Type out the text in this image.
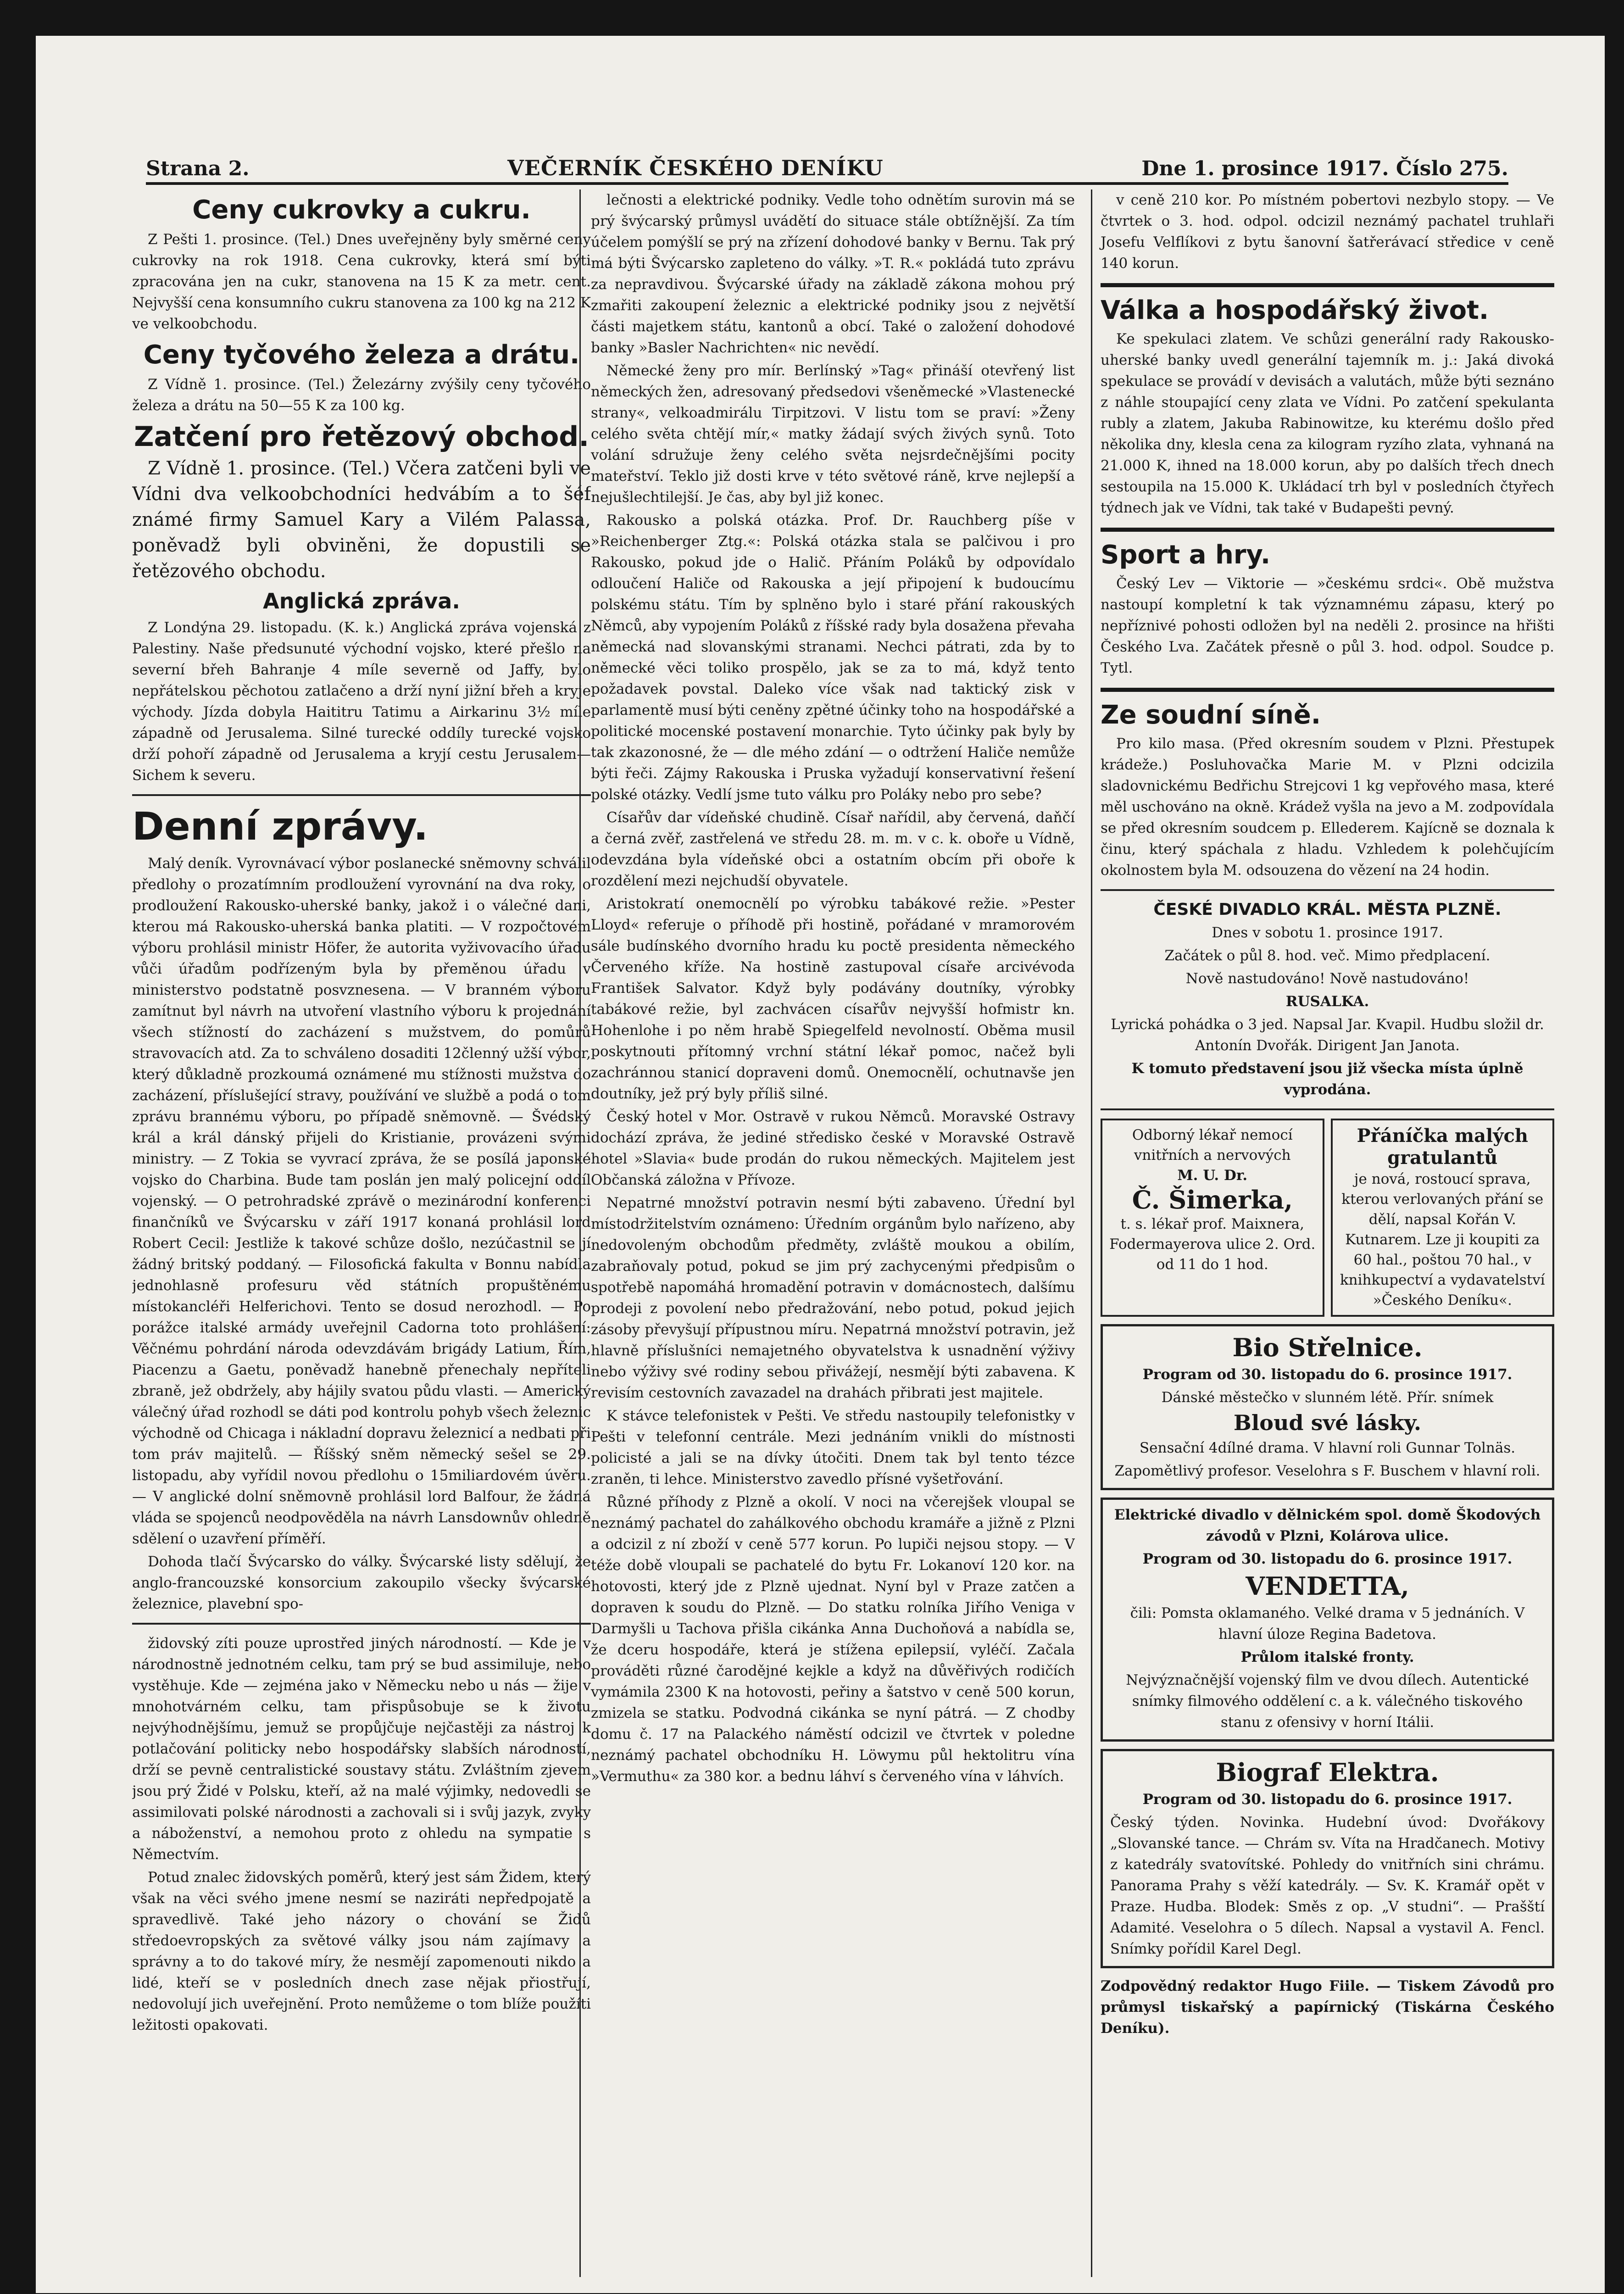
Strana 2.	VEČERNÍK ČESKÉHO DENÍKU	Dne 1. prosince 1917. Číslo 275.
Ceny cukrovky a cukru.

Z Pešti 1. prosince. (Tel.) Dnes uveřejněny byly směrné ceny cukrovky na rok 1918. Cena cukrovky, která smí býti zpracována jen na cukr, stanovena na 15 K za metr. cent. Nejvyšší cena konsumního cukru stanovena za 100 kg na 212 K ve velkoobchodu.

Ceny tyčového železa a drátu.

Z Vídně 1. prosince. (Tel.) Železárny zvýšily ceny tyčového železa a drátu na 50—55 K za 100 kg.

Zatčení pro řetězový obchod.

Z Vídně 1. prosince. (Tel.) Včera zatčeni byli ve Vídni dva velkoobchodníci hedvábím a to šéf známé firmy Samuel Kary a Vilém Palassa, poněvadž byli obviněni, že dopustili se řetězového obchodu.

Anglická zpráva.

Z Londýna 29. listopadu. (K. k.) Anglická zpráva vojenská z Palestiny. Naše předsunuté východní vojsko, které přešlo na severní břeh Bahranje 4 míle severně od Jaffy, bylo nepřátelskou pěchotou zatlačeno a drží nyní jižní břeh a kryje východy. Jízda dobyla Haititru Tatimu a Airkarinu 3½ míle západně od Jerusalema. Silné turecké oddíly turecké vojsko drží pohoří západně od Jerusalema a kryjí cestu Jerusalem—Sichem k severu.

Denní zprávy.

Malý deník. Vyrovnávací výbor poslanecké sněmovny schválil předlohy o prozatímním prodloužení vyrovnání na dva roky, o prodloužení Rakousko-uherské banky, jakož i o válečné dani, kterou má Rakousko-uherská banka platiti. — V rozpočtovém výboru prohlásil ministr Höfer, že autorita vyživovacího úřadu vůči úřadům podřízeným byla by přeměnou úřadu v ministerstvo podstatně posvznesena. — V branném výboru zamítnut byl návrh na utvoření vlastního výboru k projednání všech stížností do zacházení s mužstvem, do pomůrů stravovacích atd. Za to schváleno dosaditi 12členný užší výbor, který důkladně prozkoumá oznámené mu stížnosti mužstva do zacházení, příslušející stravy, používání ve službě a podá o tom zprávu brannému výboru, po případě sněmovně. — Švédský král a král dánský přijeli do Kristianie, provázeni svými ministry. — Z Tokia se vyvrací zpráva, že se posílá japonské vojsko do Charbina. Bude tam poslán jen malý policejní oddíl vojenský. — O petrohradské zprávě o mezinárodní konferenci finančníků ve Švýcarsku v září 1917 konaná prohlásil lord Robert Cecil: Jestliže k takové schůze došlo, nezúčastnil se jí žádný britský poddaný. — Filosofická fakulta v Bonnu nabídla jednohlasně profesuru věd státních propuštěnému místokancléři Helferichovi. Tento se dosud nerozhodl. — Po porážce italské armády uveřejnil Cadorna toto prohlášení: Věčnému pohrdání národa odevzdávám brigády Latium, Řím, Piacenzu a Gaetu, poněvadž hanebně přenechaly nepříteli zbraně, jež obdržely, aby hájily svatou půdu vlasti. — Americký válečný úřad rozhodl se dáti pod kontrolu pohyb všech železnic východně od Chicaga i nákladní dopravu železnicí a nedbati při tom práv majitelů. — Říšský sněm německý sešel se 29. listopadu, aby vyřídil novou předlohu o 15miliardovém úvěru. — V anglické dolní sněmovně prohlásil lord Balfour, že žádná vláda se spojenců neodpověděla na návrh Lansdownův ohledně sdělení o uzavření příměří.

Dohoda tlačí Švýcarsko do války. Švýcarské listy sdělují, že anglo-francouzské konsorcium zakoupilo všecky švýcarské železnice, plavební spo-

židovský zíti pouze uprostřed jiných národností. — Kde je v národnostně jednotném celku, tam prý se bud assimiluje, nebo vystěhuje. Kde — zejména jako v Německu nebo u nás — žije v mnohotvárném celku, tam přispůsobuje se k životu nejvýhodnějšímu, jemuž se propůjčuje nejčastěji za nástroj k potlačování politicky nebo hospodářsky slabších národností, drží se pevně centralistické soustavy státu. Zvláštním zjevem jsou prý Židé v Polsku, kteří, až na malé výjimky, nedovedli se assimilovati polské národnosti a zachovali si i svůj jazyk, zvyky a náboženství, a nemohou proto z ohledu na sympatie s Němectvím.

Potud znalec židovských poměrů, který jest sám Židem, který však na věci svého jmene nesmí se naziráti nepředpojatě a spravedlivě. Také jeho názory o chování se Židů středoevropských za světové války jsou nám zajímavy a správny a to do takové míry, že nesmějí zapomenouti nikdo a lidé, kteří se v posledních dnech zase nějak přiostřují, nedovolují jich uveřejnění. Proto nemůžeme o tom blíže použíti ležitosti opakovati.

lečnosti a elektrické podniky. Vedle toho odnětím surovin má se prý švýcarský průmysl uvádětí do situace stále obtížnější. Za tím účelem pomýšlí se prý na zřízení dohodové banky v Bernu. Tak prý má býti Švýcarsko zapleteno do války. »T. R.« pokládá tuto zprávu za nepravdivou. Švýcarské úřady na základě zákona mohou prý zmařiti zakoupení železnic a elektrické podniky jsou z největší části majetkem státu, kantonů a obcí. Také o založení dohodové banky »Basler Nachrichten« nic nevědí.

Německé ženy pro mír. Berlínský »Tag« přináší otevřený list německých žen, adresovaný předsedovi všeněmecké »Vlastenecké strany«, velkoadmirálu Tirpitzovi. V listu tom se praví: »Ženy celého světa chtějí mír,« matky žádají svých živých synů. Toto volání sdružuje ženy celého světa nejsrdečnějšími pocity mateřství. Teklo již dosti krve v této světové ráně, krve nejlepší a nejušlechtilejší. Je čas, aby byl již konec.

Rakousko a polská otázka. Prof. Dr. Rauchberg píše v »Reichenberger Ztg.«: Polská otázka stala se palčivou i pro Rakousko, pokud jde o Halič. Přáním Poláků by odpovídalo odloučení Haliče od Rakouska a její připojení k budoucímu polskému státu. Tím by splněno bylo i staré přání rakouských Němců, aby vypojením Poláků z říšské rady byla dosažena převaha německá nad slovanskými stranami. Nechci pátrati, zda by to německé věci toliko prospělo, jak se za to má, když tento požadavek povstal. Daleko více však nad taktický zisk v parlamentě musí býti ceněny zpětné účinky toho na hospodářské a politické mocenské postavení monarchie. Tyto účinky pak byly by tak zkazonosné, že — dle mého zdání — o odtržení Haliče nemůže býti řeči. Zájmy Rakouska i Pruska vyžadují konservativní řešení polské otázky. Vedlí jsme tuto válku pro Poláky nebo pro sebe?

Císařův dar vídeňské chudině. Císař nařídil, aby červená, daňčí a černá zvěř, zastřelená ve středu 28. m. m. v c. k. oboře u Vídně, odevzdána byla vídeňské obci a ostatním obcím při oboře k rozdělení mezi nejchudší obyvatele.

Aristokratí onemocnělí po výrobku tabákové režie. »Pester Lloyd« referuje o příhodě při hostině, pořádané v mramorovém sále budínského dvorního hradu ku poctě presidenta německého Červeného kříže. Na hostině zastupoval císaře arcivévoda František Salvator. Když byly podávány doutníky, výrobky tabákové režie, byl zachvácen císařův nejvyšší hofmistr kn. Hohenlohe i po něm hrabě Spiegelfeld nevolností. Oběma musil poskytnouti přítomný vrchní státní lékař pomoc, načež byli zachránnou stanicí dopraveni domů. Onemocnělí, ochutnavše jen doutníky, jež prý byly příliš silné.

Český hotel v Mor. Ostravě v rukou Němců. Moravské Ostravy dochází zpráva, že jediné středisko české v Moravské Ostravě hotel »Slavia« bude prodán do rukou německých. Majitelem jest Občanská záložna v Přívoze.

Nepatrné množství potravin nesmí býti zabaveno. Úřední byl místodržitelstvím oznámeno: Úředním orgánům bylo nařízeno, aby nedovoleným obchodům předměty, zvláště moukou a obilím, zabraňovaly potud, pokud se jim prý zachycenými předpisům o spotřebě napomáhá hromadění potravin v domácnostech, dalšímu prodeji z povolení nebo předražování, nebo potud, pokud jejich zásoby převyšují přípustnou míru. Nepatrná množství potravin, jež hlavně příslušníci nemajetného obyvatelstva k usnadnění výživy nebo výživy své rodiny sebou přivážejí, nesmějí býti zabavena. K revisím cestovních zavazadel na drahách přibrati jest majitele.

K stávce telefonistek v Pešti. Ve středu nastoupily telefonistky v Pešti v telefonní centrále. Mezi jednáním vnikli do místnosti policisté a jali se na dívky útočiti. Dnem tak byl tento tézce zraněn, ti lehce. Ministerstvo zavedlo přísné vyšetřování.

Různé příhody z Plzně a okolí. V noci na včerejšek vloupal se neznámý pachatel do zahálkového obchodu kramáře a jižně z Plzni a odcizil z ní zboží v ceně 577 korun. Po lupiči nejsou stopy. — V téže době vloupali se pachatelé do bytu Fr. Lokanoví 120 kor. na hotovosti, který jde z Plzně ujednat. Nyní byl v Praze zatčen a dopraven k soudu do Plzně. — Do statku rolníka Jiřího Veniga v Darmyšli u Tachova přišla cikánka Anna Duchoňová a nabídla se, že dceru hospodáře, která je stížena epilepsií, vyléčí. Začala prováděti různé čarodějné kejkle a když na důvěřivých rodičích vymámila 2300 K na hotovosti, peřiny a šatstvo v ceně 500 korun, zmizela se statku. Podvodná cikánka se nyní pátrá. — Z chodby domu č. 17 na Palackého náměstí odcizil ve čtvrtek v poledne neznámý pachatel obchodníku H. Löwymu půl hektolitru vína »Vermuthu« za 380 kor. a bednu láhví s červeného vína v láhvích.

v ceně 210 kor. Po místném pobertovi nezbylo stopy. — Ve čtvrtek o 3. hod. odpol. odcizil neznámý pachatel truhlaři Josefu Velflíkovi z bytu šanovní šatřerávací středice v ceně 140 korun.

Válka a hospodářský život.

Ke spekulaci zlatem. Ve schůzi generální rady Rakousko-uherské banky uvedl generální tajemník m. j.: Jaká divoká spekulace se provádí v devisách a valutách, může býti seznáno z náhle stoupající ceny zlata ve Vídni. Po zatčení spekulanta rubly a zlatem, Jakuba Rabinowitze, ku kterému došlo před několika dny, klesla cena za kilogram ryzího zlata, vyhnaná na 21.000 K, ihned na 18.000 korun, aby po dalších třech dnech sestoupila na 15.000 K. Ukládací trh byl v posledních čtyřech týdnech jak ve Vídni, tak také v Budapešti pevný.

Sport a hry.

Český Lev — Viktorie — »českému srdci«. Obě mužstva nastoupí kompletní k tak významnému zápasu, který po nepříznivé pohosti odložen byl na neděli 2. prosince na hřišti Českého Lva. Začátek přesně o půl 3. hod. odpol. Soudce p. Tytl.

Ze soudní síně.

Pro kilo masa. (Před okresním soudem v Plzni. Přestupek krádeže.) Posluhovačka Marie M. v Plzni odcizila sladovnickému Bedřichu Strejcovi 1 kg vepřového masa, které měl uschováno na okně. Krádež vyšla na jevo a M. zodpovídala se před okresním soudcem p. Ellederem. Kajícně se doznala k činu, který spáchala z hladu. Vzhledem k polehčujícím okolnostem byla M. odsouzena do vězení na 24 hodin.

ČESKÉ DIVADLO KRÁL. MĚSTA PLZNĚ.

Dnes v sobotu 1. prosince 1917.

Začátek o půl 8. hod. več. Mimo předplacení.

Nově nastudováno! Nově nastudováno!

RUSALKA.

Lyrická pohádka o 3 jed. Napsal Jar. Kvapil. Hudbu složil dr. Antonín Dvořák. Dirigent Jan Janota.

K tomuto představení jsou již všecka místa úplně vyprodána.

Odborný lékař nemocí vnitřních a nervových
M. U. Dr.
Č. Šimerka,
t. s. lékař prof. Maixnera, Fodermayerova ulice 2. Ord. od 11 do 1 hod.
Přáníčka malých gratulantů
je nová, rostoucí sprava, kterou verlovaných přání se dělí, napsal Kořán V. Kutnarem. Lze ji koupiti za 60 hal., poštou 70 hal., v knihkupectví a vydavatelství »Českého Deníku«.

Bio Střelnice.

Program od 30. listopadu do 6. prosince 1917.

Dánské městečko v slunném létě. Přír. snímek

Bloud své lásky.

Sensační 4dílné drama. V hlavní roli Gunnar Tolnäs.

Zapomětlivý profesor. Veselohra s F. Buschem v hlavní roli.

Elektrické divadlo v dělnickém spol. domě Škodových závodů v Plzni, Kolárova ulice.

Program od 30. listopadu do 6. prosince 1917.

VENDETTA,

čili: Pomsta oklamaného. Velké drama v 5 jednáních. V hlavní úloze Regina Badetova.

Průlom italské fronty.

Nejvýznačnější vojenský film ve dvou dílech. Autentické snímky filmového oddělení c. a k. válečného tiskového stanu z ofensivy v horní Itálii.

Biograf Elektra.

Program od 30. listopadu do 6. prosince 1917.

Český týden. Novinka. Hudební úvod: Dvořákovy „Slovanské tance. — Chrám sv. Víta na Hradčanech. Motivy z katedrály svatovítské. Pohledy do vnitřních sini chrámu. Panorama Prahy s věží katedrály. — Sv. K. Kramář opět v Praze. Hudba. Blodek: Směs z op. „V studni“. — Prašští Adamité. Veselohra o 5 dílech. Napsal a vystavil A. Fencl. Snímky pořídil Karel Degl.

Zodpovědný redaktor Hugo Fiile. — Tiskem Závodů pro průmysl tiskařský a papírnický (Tiskárna Českého Deníku).
